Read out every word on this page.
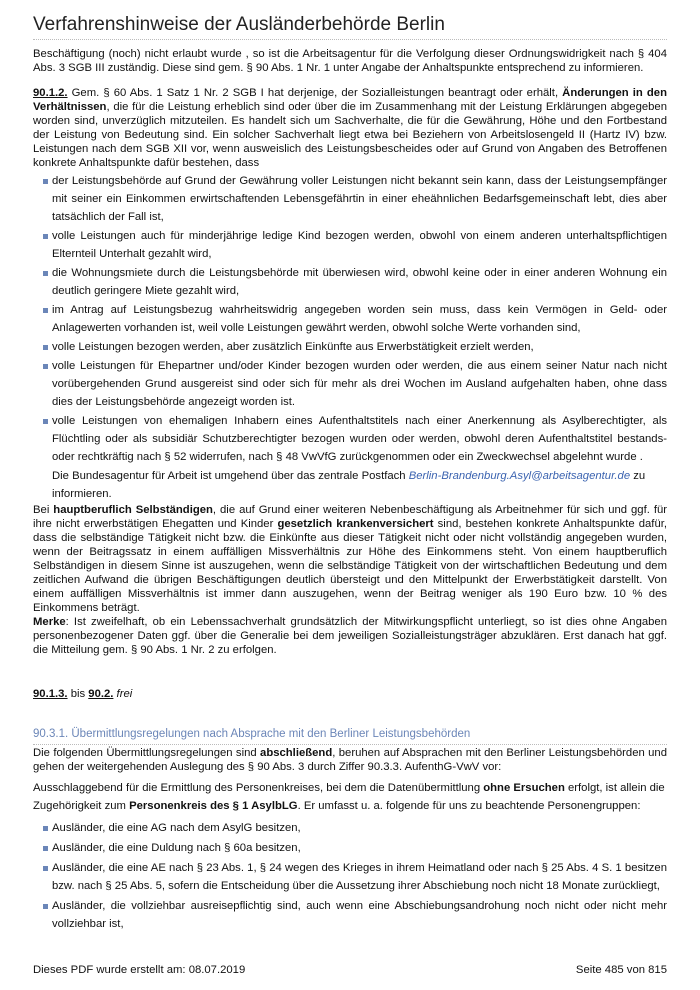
Verfahrenshinweise der Ausländerbehörde Berlin

Beschäftigung (noch) nicht erlaubt wurde , so ist die Arbeitsagentur für die Verfolgung dieser Ordnungswidrigkeit nach § 404 Abs. 3 SGB III zuständig. Diese sind gem. § 90 Abs. 1 Nr. 1 unter Angabe der Anhaltspunkte entsprechend zu informieren.

90.1.2. Gem. § 60 Abs. 1 Satz 1 Nr. 2 SGB I hat derjenige, der Sozialleistungen beantragt oder erhält, Änderungen in den Verhältnissen, die für die Leistung erheblich sind oder über die im Zusammenhang mit der Leistung Erklärungen abgegeben worden sind, unverzüglich mitzuteilen. Es handelt sich um Sachverhalte, die für die Gewährung, Höhe und den Fortbestand der Leistung von Bedeutung sind. Ein solcher Sachverhalt liegt etwa bei Beziehern von Arbeitslosengeld II (Hartz IV) bzw. Leistungen nach dem SGB XII vor, wenn ausweislich des Leistungsbescheides oder auf Grund von Angaben des Betroffenen konkrete Anhaltspunkte dafür bestehen, dass

der Leistungsbehörde auf Grund der Gewährung voller Leistungen nicht bekannt sein kann, dass der Leistungsempfänger mit seiner ein Einkommen erwirtschaftenden Lebensgefährtin in einer eheähnlichen Bedarfsgemeinschaft lebt, dies aber tatsächlich der Fall ist,
volle Leistungen auch für minderjährige ledige Kind bezogen werden, obwohl von einem anderen unterhaltspflichtigen Elternteil Unterhalt gezahlt wird,
die Wohnungsmiete durch die Leistungsbehörde mit überwiesen wird, obwohl keine oder in einer anderen Wohnung ein deutlich geringere Miete gezahlt wird,
im Antrag auf Leistungsbezug wahrheitswidrig angegeben worden sein muss, dass kein Vermögen in Geld- oder Anlagewerten vorhanden ist, weil volle Leistungen gewährt werden, obwohl solche Werte vorhanden sind,
volle Leistungen bezogen werden, aber zusätzlich Einkünfte aus Erwerbstätigkeit erzielt werden,
volle Leistungen für Ehepartner und/oder Kinder bezogen wurden oder werden, die aus einem seiner Natur nach nicht vorübergehenden Grund ausgereist sind oder sich für mehr als drei Wochen im Ausland aufgehalten haben, ohne dass dies der Leistungsbehörde angezeigt worden ist.
volle Leistungen von ehemaligen Inhabern eines Aufenthaltstitels nach einer Anerkennung als Asylberechtigter, als Flüchtling oder als subsidiär Schutzberechtigter bezogen wurden oder werden, obwohl deren Aufenthaltstitel bestands- oder rechtkräftig nach § 52 widerrufen, nach § 48 VwVfG zurückgenommen oder ein Zweckwechsel abgelehnt wurde .
Die Bundesagentur für Arbeit ist umgehend über das zentrale Postfach Berlin-Brandenburg.Asyl@arbeitsagentur.de zu informieren.

Bei hauptberuflich Selbständigen, die auf Grund einer weiteren Nebenbeschäftigung als Arbeitnehmer für sich und ggf. für ihre nicht erwerbstätigen Ehegatten und Kinder gesetzlich krankenversichert sind, bestehen konkrete Anhaltspunkte dafür, dass die selbständige Tätigkeit nicht bzw. die Einkünfte aus dieser Tätigkeit nicht oder nicht vollständig angegeben wurden, wenn der Beitragssatz in einem auffälligen Missverhältnis zur Höhe des Einkommens steht. Von einem hauptberuflich Selbständigen in diesem Sinne ist auszugehen, wenn die selbständige Tätigkeit von der wirtschaftlichen Bedeutung und dem zeitlichen Aufwand die übrigen Beschäftigungen deutlich übersteigt und den Mittelpunkt der Erwerbstätigkeit darstellt. Von einem auffälligen Missverhältnis ist immer dann auszugehen, wenn der Beitrag weniger als 190 Euro bzw. 10 % des Einkommens beträgt.

Merke: Ist zweifelhaft, ob ein Lebenssachverhalt grundsätzlich der Mitwirkungspflicht unterliegt, so ist dies ohne Angaben personenbezogener Daten ggf. über die Generalie bei dem jeweiligen Sozialleistungsträger abzuklären. Erst danach hat ggf. die Mitteilung gem. § 90 Abs. 1 Nr. 2 zu erfolgen.

90.1.3. bis 90.2. frei

90.3.1. Übermittlungsregelungen nach Absprache mit den Berliner Leistungsbehörden

Die folgenden Übermittlungsregelungen sind abschließend, beruhen auf Absprachen mit den Berliner Leistungsbehörden und gehen der weitergehenden Auslegung des § 90 Abs. 3 durch Ziffer 90.3.3. AufenthG-VwV vor:

Ausschlaggebend für die Ermittlung des Personenkreises, bei dem die Datenübermittlung ohne Ersuchen erfolgt, ist allein die Zugehörigkeit zum Personenkreis des § 1 AsylbLG. Er umfasst u. a. folgende für uns zu beachtende Personengruppen:

Ausländer, die eine AG nach dem AsylG besitzen,
Ausländer, die eine Duldung nach § 60a besitzen,
Ausländer, die eine AE nach § 23 Abs. 1, § 24 wegen des Krieges in ihrem Heimatland oder nach § 25 Abs. 4 S. 1 besitzen bzw. nach § 25 Abs. 5, sofern die Entscheidung über die Aussetzung ihrer Abschiebung noch nicht 18 Monate zurückliegt,
Ausländer, die vollziehbar ausreisepflichtig sind, auch wenn eine Abschiebungsandrohung noch nicht oder nicht mehr vollziehbar ist,
Dieses PDF wurde erstellt am: 08.07.2019	Seite 485 von 815
